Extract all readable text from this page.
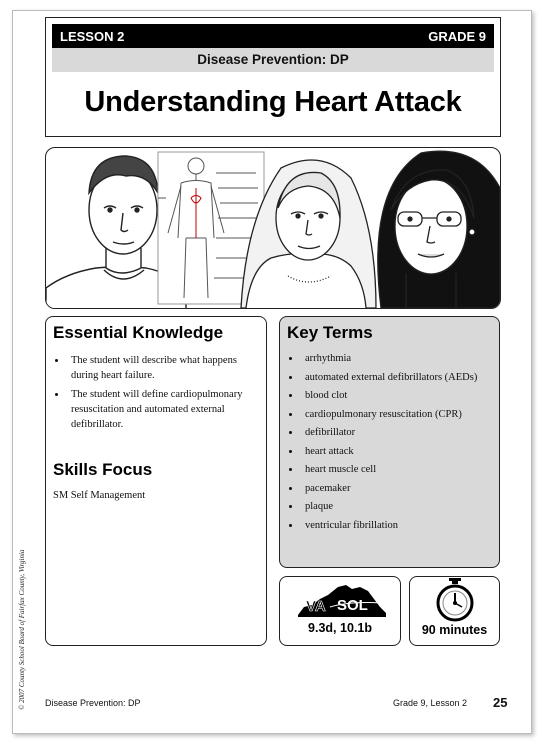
LESSON 2	GRADE 9
Disease Prevention: DP
Understanding Heart Attack
Essential Knowledge
• The student will describe what happens during heart failure.
• The student will define cardiopulmonary resuscitation and automated external defibrillator.
Skills Focus
SM Self Management
Key Terms
• arrhythmia
• automated external defibrillators (AEDs)
• blood clot
• cardiopulmonary resuscitation (CPR)
• defibrillator
• heart attack
• heart muscle cell
• pacemaker
• plaque
• ventricular fibrillation
VA SOL
9.3d, 10.1b	90 minutes
© 2007 County School Board of Fairfax County, Virginia Disease Prevention: DP	Grade 9, Lesson 2 25
